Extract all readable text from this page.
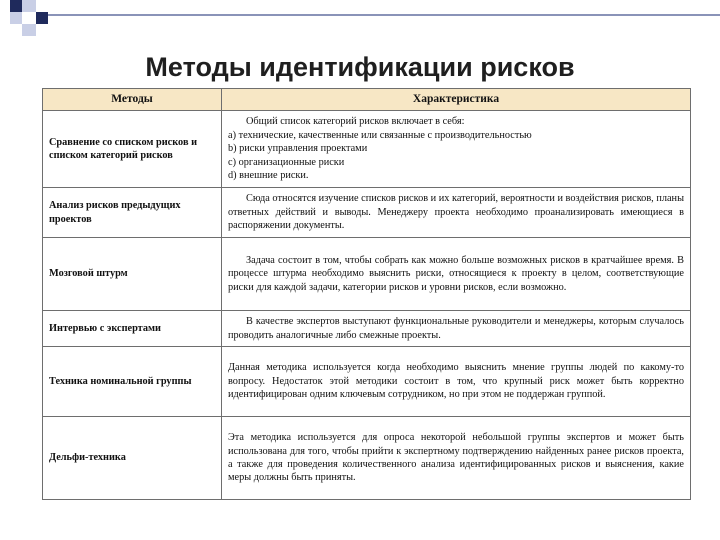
Методы идентификации рисков
Методы	Характеристика
Сравнение со списком рисков и списком категорий рисков	Общий список категорий рисков включает в себя:
a) технические, качественные или связанные с производительностью
b) риски управления проектами
c) организационные риски
d) внешние риски.

Анализ рисков предыдущих проектов	Сюда относятся изучение списков рисков и их категорий, вероятности и воздействия рисков, планы ответных действий и выводы. Менеджеру проекта необходимо проанализировать имеющиеся в распоряжении документы.
Мозговой штурм	Задача состоит в том, чтобы собрать как можно больше возможных рисков в кратчайшее время. В процессе штурма необходимо выяснить риски, относящиеся к проекту в целом, соответствующие риски для каждой задачи, категории рисков и уровни рисков, если возможно.
Интервью с экспертами	В качестве экспертов выступают функциональные руководители и менеджеры, которым случалось проводить аналогичные либо смежные проекты.
Техника номинальной группы	Данная методика используется когда необходимо выяснить мнение группы людей по какому-то вопросу. Недостаток этой методики состоит в том, что крупный риск может быть корректно идентифицирован одним ключевым сотрудником, но при этом не поддержан группой.
Дельфи-техника	Эта методика используется для опроса некоторой небольшой группы экспертов и может быть использована для того, чтобы прийти к экспертному подтверждению найденных ранее рисков проекта, а также для проведения количественного анализа идентифицированных рисков и выяснения, какие меры должны быть приняты.
